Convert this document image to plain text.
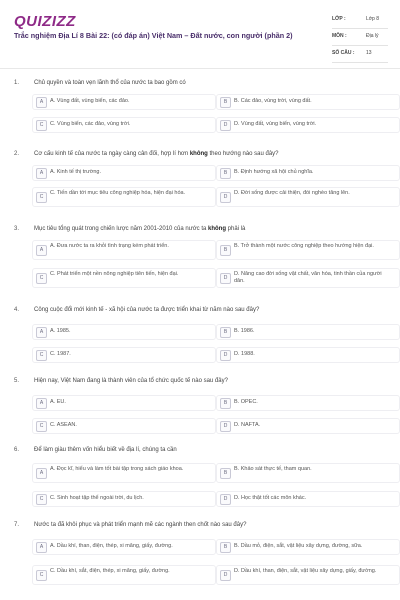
QUIZIZZ
Trắc nghiệm Địa Lí 8 Bài 22: (có đáp án) Việt Nam – Đất nước, con người (phần 2)
LỚP :	Lớp 8
MÔN :	Địa lý
SỐ CÂU : 13
1. Chủ quyền và toàn vẹn lãnh thổ của nước ta bao gồm có
A	A. Vùng đất, vùng biển, các đảo.	B	B. Các đảo, vùng trời, vùng đất.
C	C. Vùng biển, các đảo, vùng trời.	D	D. Vùng đất, vùng biển, vùng trời.
2. Cơ cấu kinh tế của nước ta ngày càng cân đối, hợp lí hơn không theo hướng nào sau đây?
A	A. Kinh tế thị trường.	B	B. Định hướng xã hội chủ nghĩa.
C
C. Tiến dần tới mục tiêu công nghiệp hóa, hiện đại hóa.
D
D. Đời sống được cải thiện, đói nghèo tăng lên.
3. Mục tiêu tổng quát trong chiến lược năm 2001-2010 của nước ta không phải là
A
A. Đưa nước ta ra khỏi tình trạng kém phát triển.
B
B. Trở thành một nước công nghiệp theo hướng hiện đại.
C
C. Phát triển một nền nông nghiệp tiên tiến, hiện đại.
D
D. Nâng cao đời sống vật chất, văn hóa, tinh thần của người dân.
4. Công cuộc đổi mới kinh tế - xã hội của nước ta được triển khai từ năm nào sau đây?
A	A. 1985.	B	B. 1986.
C	C. 1987.	D	D. 1988.
5. Hiện nay, Việt Nam đang là thành viên của tổ chức quốc tế nào sau đây?
A	A. EU.	B	B. OPEC.
C	C. ASEAN.	D	D. NAFTA.
6. Để làm giàu thêm vốn hiểu biết về địa lí, chúng ta cần
A
A. Đọc kĩ, hiểu và làm tốt bài tập trong sách giáo khoa.
B
B. Khảo sát thực tế, tham quan.
C	C. Sinh hoạt tập thể ngoài trời, du lịch.	D	D. Học thật tốt các môn khác.
7. Nước ta đã khôi phục và phát triển mạnh mẽ các ngành then chốt nào sau đây?
A	A. Dầu khí, than, điện, thép, xi măng, giấy, đường.	B	B. Dầu mỏ, điện, sắt, vật liệu xây dựng, đường, sữa.
C
C. Dầu khí, sắt, điện, thép, xi măng, giấy, đường.
D
D. Dầu khí, than, điện, sắt, vật liệu xây dựng, giấy, đường.
